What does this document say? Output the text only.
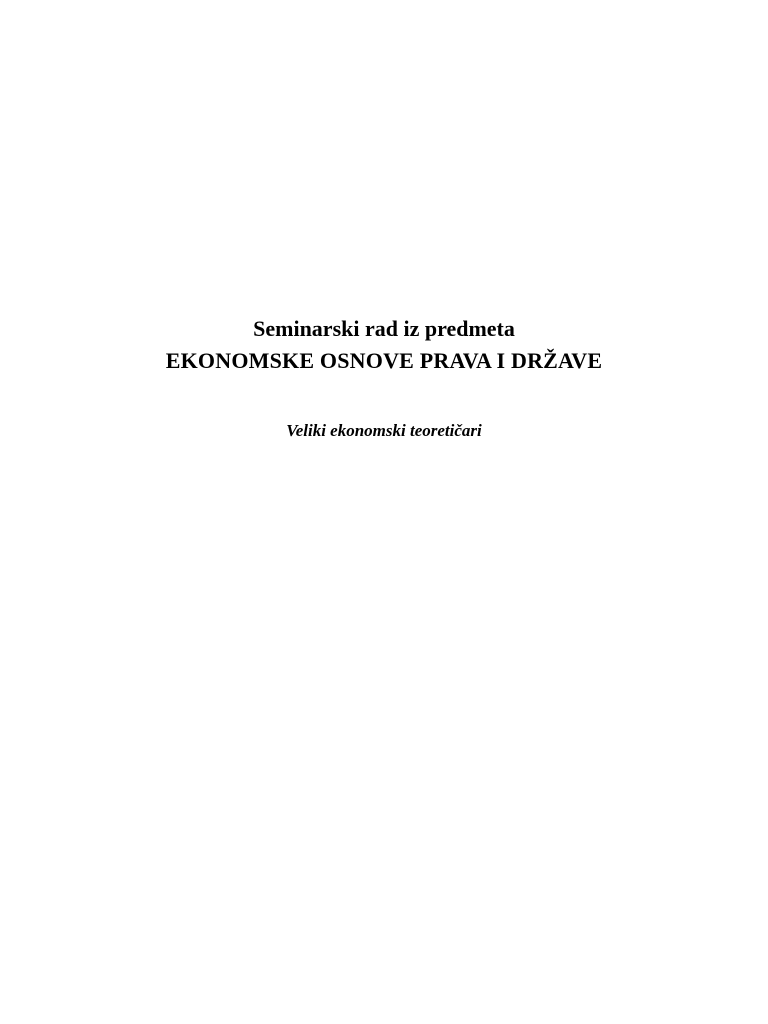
Seminarski rad iz predmeta

EKONOMSKE OSNOVE PRAVA I DRŽAVE

Veliki ekonomski teoretičari
